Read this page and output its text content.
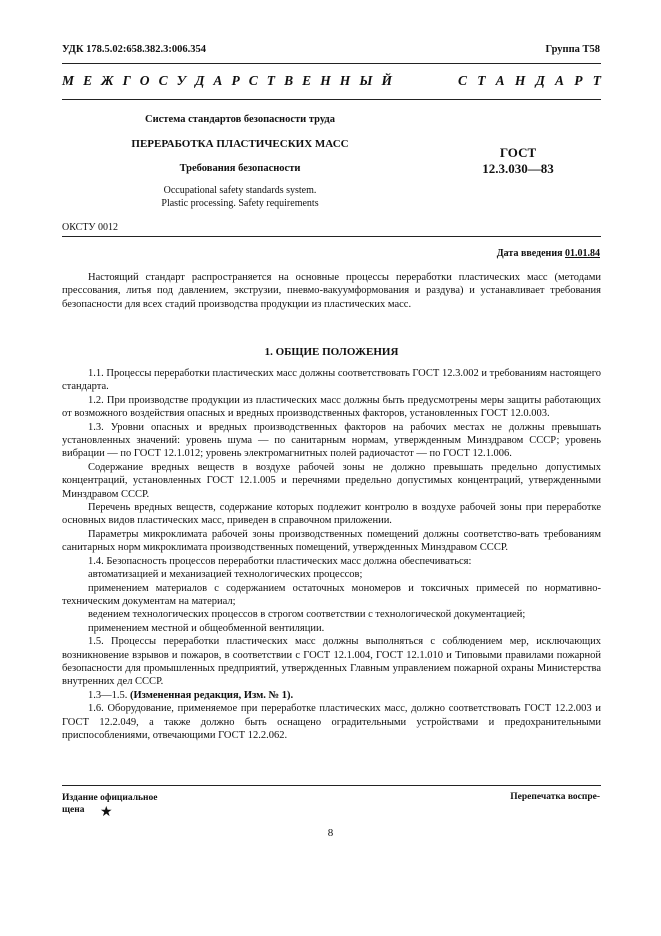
УДК 178.5.02:658.382.3:006.354	Группа Т58
М Е Ж Г О С У Д А Р С Т В Е Н Н Ы Й	С Т А Н Д А Р Т
Система стандартов безопасности труда
ПЕРЕРАБОТКА ПЛАСТИЧЕСКИХ МАСС
Требования безопасности
Occupational safety standards system.
Plastic processing. Safety requirements
ГОСТ
12.3.030—83
ОКСТУ 0012
Дата введения 01.01.84

Настоящий стандарт распространяется на основные процессы переработки пластических масс (методами прессования, литья под давлением, экструзии, пневмо-вакуумформования и раздува) и устанавливает требования безопасности для всех стадий производства продукции из пластических масс.

1. ОБЩИЕ ПОЛОЖЕНИЯ

1.1. Процессы переработки пластических масс должны соответствовать ГОСТ 12.3.002 и требованиям настоящего стандарта.

1.2. При производстве продукции из пластических масс должны быть предусмотрены меры защиты работающих от возможного воздействия опасных и вредных производственных факторов, установленных ГОСТ 12.0.003.

1.3. Уровни опасных и вредных производственных факторов на рабочих местах не должны превышать установленных значений: уровень шума — по санитарным нормам, утвержденным Минздравом СССР; уровень вибрации — по ГОСТ 12.1.012; уровень электромагнитных полей радиочастот — по ГОСТ 12.1.006.

Содержание вредных веществ в воздухе рабочей зоны не должно превышать предельно допустимых концентраций, установленных ГОСТ 12.1.005 и перечнями предельно допустимых концентраций, утвержденными Минздравом СССР.

Перечень вредных веществ, содержание которых подлежит контролю в воздухе рабочей зоны при переработке основных видов пластических масс, приведен в справочном приложении.

Параметры микроклимата рабочей зоны производственных помещений должны соответство-вать требованиям санитарных норм микроклимата производственных помещений, утвержденных Минздравом СССР.

1.4. Безопасность процессов переработки пластических масс должна обеспечиваться:

автоматизацией и механизацией технологических процессов;

применением материалов с содержанием остаточных мономеров и токсичных примесей по нормативно-техническим документам на материал;

ведением технологических процессов в строгом соответствии с технологической документацией;

применением местной и общеобменной вентиляции.

1.5. Процессы переработки пластических масс должны выполняться с соблюдением мер, исключающих возникновение взрывов и пожаров, в соответствии с ГОСТ 12.1.004, ГОСТ 12.1.010 и Типовыми правилами пожарной безопасности для промышленных предприятий, утвержденных Главным управлением пожарной охраны Министерства внутренних дел СССР.

1.3—1.5. (Измененная редакция, Изм. № 1).

1.6. Оборудование, применяемое при переработке пластических масс, должно соответствовать ГОСТ 12.2.003 и ГОСТ 12.2.049, а также должно быть оснащено оградительными устройствами и предохранительными приспособлениями, отвечающими ГОСТ 12.2.062.

Издание официальное
щена	★
Перепечатка воспре-
8
